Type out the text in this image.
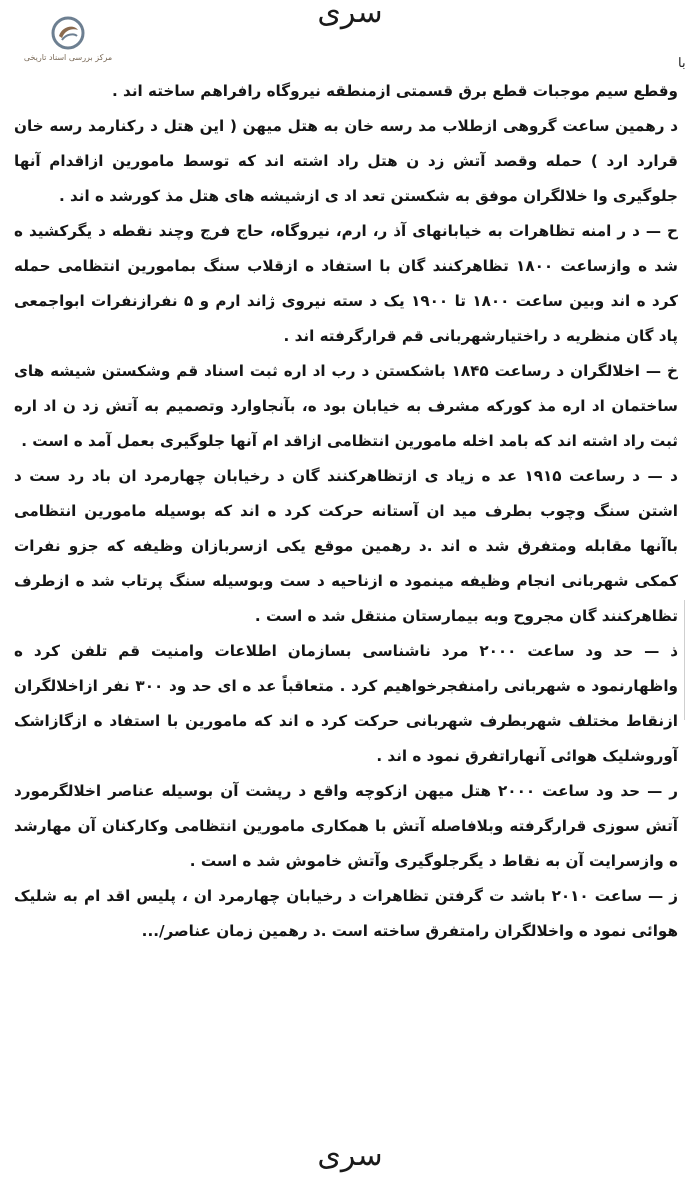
سری
مرکز بررسی اسناد تاریخی	با

وقطع سیم موجبات قطع برق قسمتی ازمنطقه نیروگاه رافراهم ساخته اند .

د رهمین ساعت گروهی ازطلاب مد رسه خان به هتل میهن ( این هتل د رکنارمد رسه خان قرارد ارد ) حمله وقصد آتش زد ن هتل راد اشته اند که توسط مامورین ازاقدام آنها جلوگیری وا خلالگران موفق به شکستن تعد اد ی ازشیشه های هتل مذ کورشد ه اند .

ح — د ر امنه تظاهرات به خیابانهای آذ ر، ارم، نیروگاه، حاج فرج وچند نقطه د یگرکشید ه شد ه وازساعت ۱۸۰۰ تظاهرکنند گان با استفاد ه ازقلاب سنگ بمامورین انتظامی حمله کرد ه اند وبین ساعت ۱۸۰۰ تا ۱۹۰۰ یک د سته نیروی ژاند ارم و ۵ نفرازنفرات ابواجمعی پاد گان منظریه د راختیارشهربانی قم قرارگرفته اند .

خ — اخلالگران د رساعت ۱۸۴۵ باشکستن د رب اد اره ثبت اسناد قم وشکستن شیشه های ساختمان اد اره مذ کورکه مشرف به خیابان بود ه، بآنجاوارد وتصمیم به آتش زد ن اد اره ثبت راد اشته اند که بامد اخله مامورین انتظامی ازاقد ام آنها جلوگیری بعمل آمد ه است .

د — د رساعت ۱۹۱۵ عد ه زیاد ی ازتظاهرکنند گان د رخیابان چهارمرد ان باد رد ست د اشتن سنگ وچوب بطرف مید ان آستانه حرکت کرد ه اند که بوسیله مامورین انتظامی باآنها مقابله ومتفرق شد ه اند .د رهمین موقع یکی ازسربازان وظیفه که جزو نفرات کمکی شهربانی انجام وظیفه مینمود ه ازناحیه د ست وبوسیله سنگ پرتاب شد ه ازطرف تظاهرکنند گان مجروح وبه بیمارستان منتقل شد ه است .

ذ — حد ود ساعت ۲۰۰۰ مرد ناشناسی بسازمان اطلاعات وامنیت قم تلفن کرد ه واظهارنمود ه شهربانی رامنفجرخواهیم کرد . متعاقباً عد ه ای حد ود ۳۰۰ نفر ازاخلالگران ازنقاط مختلف شهربطرف شهربانی حرکت کرد ه اند که مامورین با استفاد ه ازگازاشک آوروشلیک هوائی آنهاراتفرق نمود ه اند .

ر — حد ود ساعت ۲۰۰۰ هتل میهن ازکوچه واقع د رپشت آن بوسیله عناصر اخلالگرمورد آتش سوزی قرارگرفته وبلافاصله آتش با همکاری مامورین انتظامی وکارکنان آن مهارشد ه وازسرایت آن به نقاط د یگرجلوگیری وآتش خاموش شد ه است .

ز — ساعت ۲۰۱۰ باشد ت گرفتن تظاهرات د رخیابان چهارمرد ان ، پلیس اقد ام به شلیک هوائی نمود ه واخلالگران رامتفرق ساخته است .د رهمین زمان عناصر/...

سری
